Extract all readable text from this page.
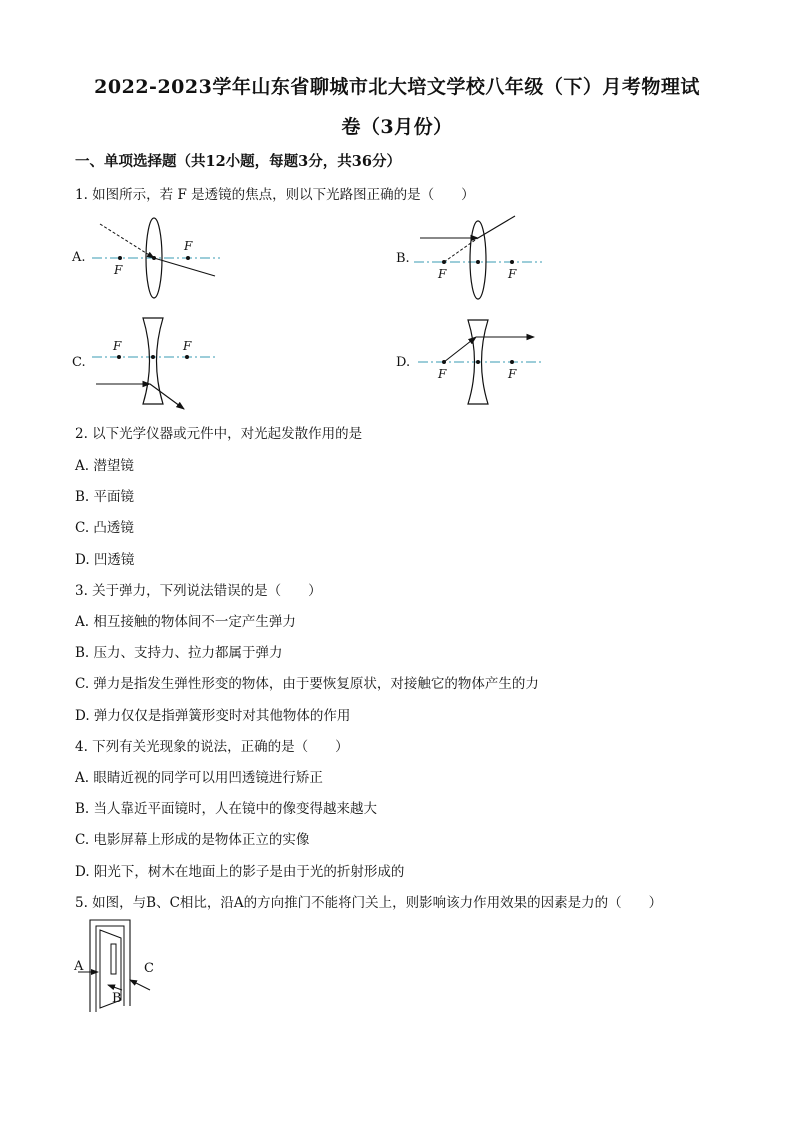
2022-2023学年山东省聊城市北大培文学校八年级（下）月考物理试
卷（3月份）
一、单项选择题（共12小题，每题3分，共36分）
1. 如图所示，若 F 是透镜的焦点，则以下光路图正确的是（　　）
A.	B.
C.	D.
F
F
F	F
F	F
F	F
A
B
C
2. 以下光学仪器或元件中，对光起发散作用的是
A. 潜望镜
B. 平面镜
C. 凸透镜
D. 凹透镜
3. 关于弹力，下列说法错误的是（　　）
A. 相互接触的物体间不一定产生弹力
B. 压力、支持力、拉力都属于弹力
C. 弹力是指发生弹性形变的物体，由于要恢复原状，对接触它的物体产生的力
D. 弹力仅仅是指弹簧形变时对其他物体的作用
4. 下列有关光现象的说法，正确的是（　　）
A. 眼睛近视的同学可以用凹透镜进行矫正
B. 当人靠近平面镜时，人在镜中的像变得越来越大
C. 电影屏幕上形成的是物体正立的实像
D. 阳光下，树木在地面上的影子是由于光的折射形成的
5. 如图，与B、C相比，沿A的方向推门不能将门关上，则影响该力作用效果的因素是力的（　　）
